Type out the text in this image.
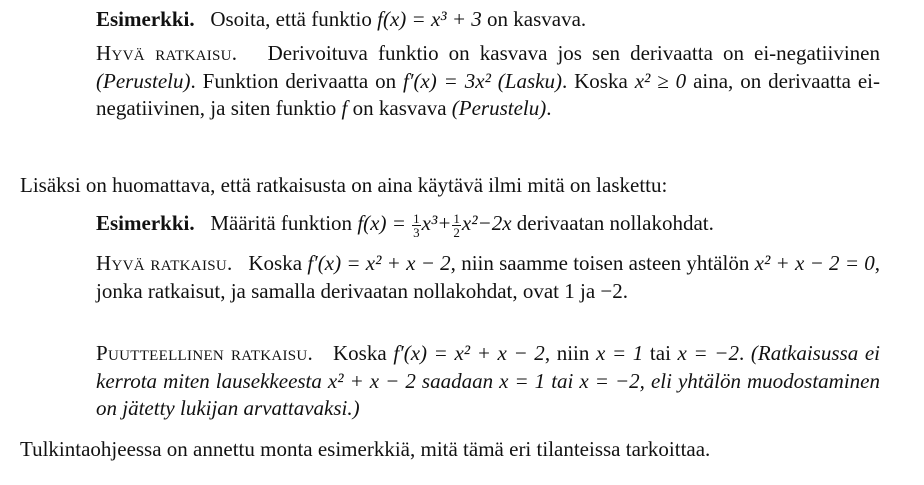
Esimerkki. Osoita, että funktio f(x) = x³ + 3 on kasvava.

Hyvä ratkaisu. Derivoituva funktio on kasvava jos sen derivaatta on ei-negatiivinen (Perustelu). Funktion derivaatta on f′(x) = 3x² (Lasku). Koska x² ≥ 0 aina, on derivaatta ei-negatiivinen, ja siten funktio f on kasvava (Perustelu).

Lisäksi on huomattava, että ratkaisusta on aina käytävä ilmi mitä on laskettu:

Esimerkki. Määritä funktion $f(x) = \frac{1}{3} x^3+ \frac{1}{2} x^2-2x$ derivaatan nollakohdat.

Hyvä ratkaisu. Koska f′(x) = x² + x − 2, niin saamme toisen asteen yhtälön x² + x − 2 = 0, jonka ratkaisut, ja samalla derivaatan nollakohdat, ovat 1 ja −2.

Puutteellinen ratkaisu. Koska f′(x) = x² + x − 2, niin x = 1 tai x = −2. (Ratkaisussa ei kerrota miten lausekkeesta x² + x − 2 saadaan x = 1 tai x = −2, eli yhtälön muodostaminen on jätetty lukijan arvattavaksi.)

Tulkintaohjeessa on annettu monta esimerkkiä, mitä tämä eri tilanteissa tarkoittaa.
